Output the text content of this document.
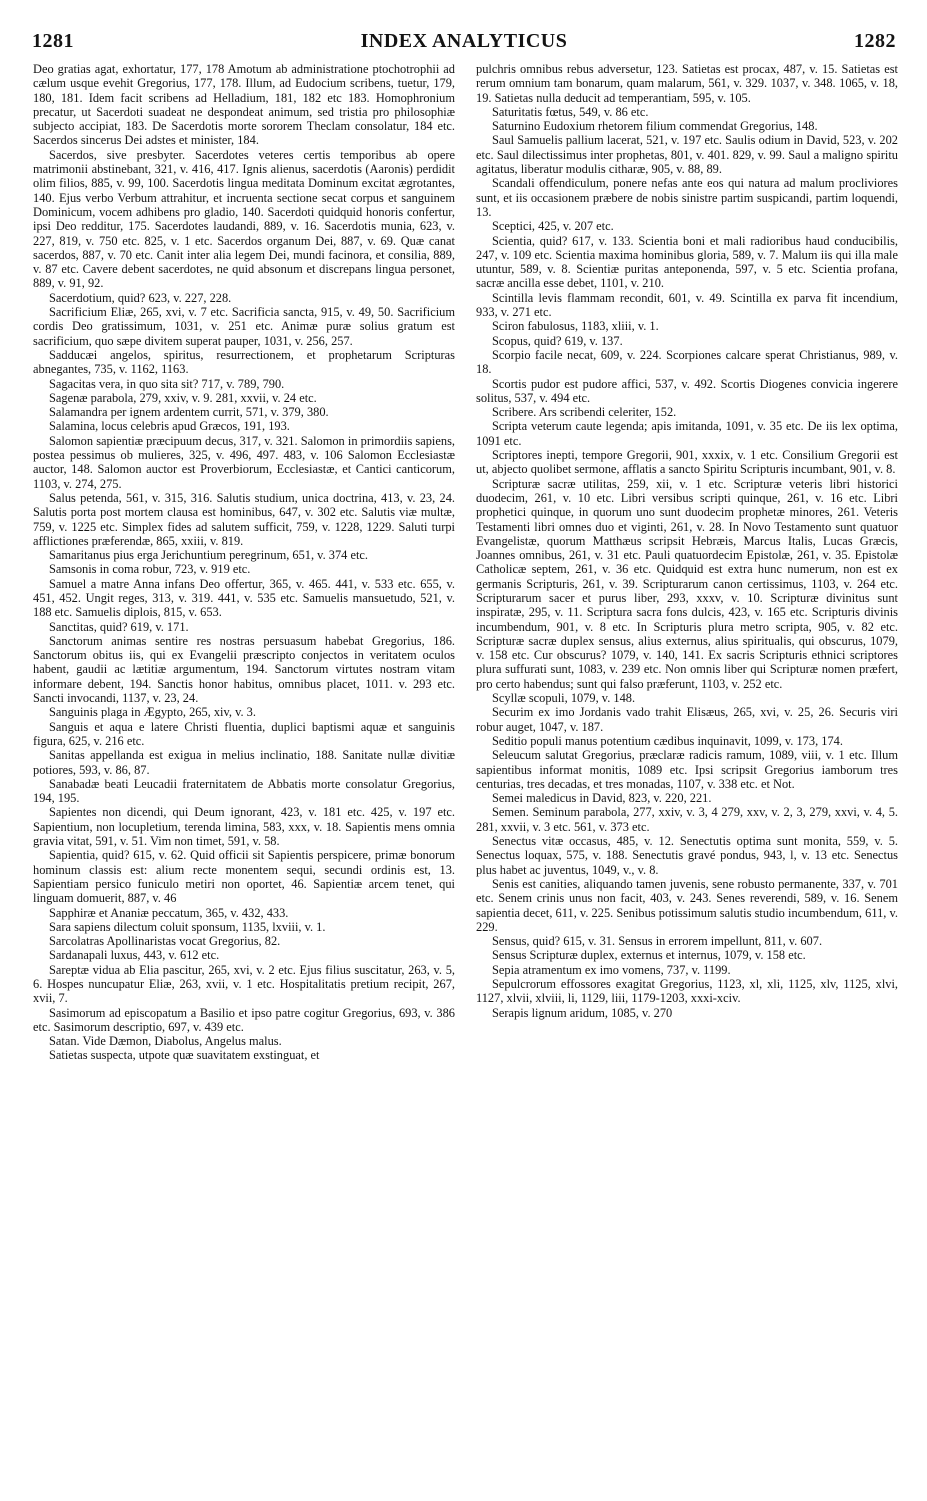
1281	INDEX ANALYTICUS	1282

Deo gratias agat, exhortatur, 177, 178 Amotum ab administratione ptochotrophii ad cælum usque evehit Gregorius, 177, 178. Illum, ad Eudocium scribens, tuetur, 179, 180, 181. Idem facit scribens ad Helladium, 181, 182 etc 183. Homophronium precatur, ut Sacerdoti suadeat ne despondeat animum, sed tristia pro philosophiæ subjecto accipiat, 183. De Sacerdotis morte sororem Theclam consolatur, 184 etc. Sacerdos sincerus Dei adstes et minister, 184.

Sacerdos, sive presbyter. Sacerdotes veteres certis temporibus ab opere matrimonii abstinebant, 321, v. 416, 417. Ignis alienus, sacerdotis (Aaronis) perdidit olim filios, 885, v. 99, 100. Sacerdotis lingua meditata Dominum excitat ægrotantes, 140. Ejus verbo Verbum attrahitur, et incruenta sectione secat corpus et sanguinem Dominicum, vocem adhibens pro gladio, 140. Sacerdoti quidquid honoris confertur, ipsi Deo redditur, 175. Sacerdotes laudandi, 889, v. 16. Sacerdotis munia, 623, v. 227, 819, v. 750 etc. 825, v. 1 etc. Sacerdos organum Dei, 887, v. 69. Quæ canat sacerdos, 887, v. 70 etc. Canit inter alia legem Dei, mundi facinora, et consilia, 889, v. 87 etc. Cavere debent sacerdotes, ne quid absonum et discrepans lingua personet, 889, v. 91, 92.

Sacerdotium, quid? 623, v. 227, 228.

Sacrificium Eliæ, 265, xvi, v. 7 etc. Sacrificia sancta, 915, v. 49, 50. Sacrificium cordis Deo gratissimum, 1031, v. 251 etc. Animæ puræ solius gratum est sacrificium, quo sæpe divitem superat pauper, 1031, v. 256, 257.

Sadducæi angelos, spiritus, resurrectionem, et prophetarum Scripturas abnegantes, 735, v. 1162, 1163.

Sagacitas vera, in quo sita sit? 717, v. 789, 790.

Sagenæ parabola, 279, xxiv, v. 9. 281, xxvii, v. 24 etc.

Salamandra per ignem ardentem currit, 571, v. 379, 380.

Salamina, locus celebris apud Græcos, 191, 193.

Salomon sapientiæ præcipuum decus, 317, v. 321. Salomon in primordiis sapiens, postea pessimus ob mulieres, 325, v. 496, 497. 483, v. 106 Salomon Ecclesiastæ auctor, 148. Salomon auctor est Proverbiorum, Ecclesiastæ, et Cantici canticorum, 1103, v. 274, 275.

Salus petenda, 561, v. 315, 316. Salutis studium, unica doctrina, 413, v. 23, 24. Salutis porta post mortem clausa est hominibus, 647, v. 302 etc. Salutis viæ multæ, 759, v. 1225 etc. Simplex fides ad salutem sufficit, 759, v. 1228, 1229. Saluti turpi afflictiones præferendæ, 865, xxiii, v. 819.

Samaritanus pius erga Jerichuntium peregrinum, 651, v. 374 etc.

Samsonis in coma robur, 723, v. 919 etc.

Samuel a matre Anna infans Deo offertur, 365, v. 465. 441, v. 533 etc. 655, v. 451, 452. Ungit reges, 313, v. 319. 441, v. 535 etc. Samuelis mansuetudo, 521, v. 188 etc. Samuelis diplois, 815, v. 653.

Sanctitas, quid? 619, v. 171.

Sanctorum animas sentire res nostras persuasum habebat Gregorius, 186. Sanctorum obitus iis, qui ex Evangelii præscripto conjectos in veritatem oculos habent, gaudii ac lætitiæ argumentum, 194. Sanctorum virtutes nostram vitam informare debent, 194. Sanctis honor habitus, omnibus placet, 1011. v. 293 etc. Sancti invocandi, 1137, v. 23, 24.

Sanguinis plaga in Ægypto, 265, xiv, v. 3.

Sanguis et aqua e latere Christi fluentia, duplici baptismi aquæ et sanguinis figura, 625, v. 216 etc.

Sanitas appellanda est exigua in melius inclinatio, 188. Sanitate nullæ divitiæ potiores, 593, v. 86, 87.

Sanabadæ beati Leucadii fraternitatem de Abbatis morte consolatur Gregorius, 194, 195.

Sapientes non dicendi, qui Deum ignorant, 423, v. 181 etc. 425, v. 197 etc. Sapientium, non locupletium, terenda limina, 583, xxx, v. 18. Sapientis mens omnia gravia vitat, 591, v. 51. Vim non timet, 591, v. 58.

Sapientia, quid? 615, v. 62. Quid officii sit Sapientis perspicere, primæ bonorum hominum classis est: alium recte monentem sequi, secundi ordinis est, 13. Sapientiam persico funiculo metiri non oportet, 46. Sapientiæ arcem tenet, qui linguam domuerit, 887, v. 46

Sapphiræ et Ananiæ peccatum, 365, v. 432, 433.

Sara sapiens dilectum coluit sponsum, 1135, lxviii, v. 1.

Sarcolatras Apollinaristas vocat Gregorius, 82.

Sardanapali luxus, 443, v. 612 etc.

Sareptæ vidua ab Elia pascitur, 265, xvi, v. 2 etc. Ejus filius suscitatur, 263, v. 5, 6. Hospes nuncupatur Eliæ, 263, xvii, v. 1 etc. Hospitalitatis pretium recipit, 267, xvii, 7.

Sasimorum ad episcopatum a Basilio et ipso patre cogitur Gregorius, 693, v. 386 etc. Sasimorum descriptio, 697, v. 439 etc.

Satan. Vide Dæmon, Diabolus, Angelus malus.

Satietas suspecta, utpote quæ suavitatem exstinguat, et

pulchris omnibus rebus adversetur, 123. Satietas est procax, 487, v. 15. Satietas est rerum omnium tam bonarum, quam malarum, 561, v. 329. 1037, v. 348. 1065, v. 18, 19. Satietas nulla deducit ad temperantiam, 595, v. 105.

Saturitatis fœtus, 549, v. 86 etc.

Saturnino Eudoxium rhetorem filium commendat Gregorius, 148.

Saul Samuelis pallium lacerat, 521, v. 197 etc. Saulis odium in David, 523, v. 202 etc. Saul dilectissimus inter prophetas, 801, v. 401. 829, v. 99. Saul a maligno spiritu agitatus, liberatur modulis citharæ, 905, v. 88, 89.

Scandali offendiculum, ponere nefas ante eos qui natura ad malum procliviores sunt, et iis occasionem præbere de nobis sinistre partim suspicandi, partim loquendi, 13.

Sceptici, 425, v. 207 etc.

Scientia, quid? 617, v. 133. Scientia boni et mali radioribus haud conducibilis, 247, v. 109 etc. Scientia maxima hominibus gloria, 589, v. 7. Malum iis qui illa male utuntur, 589, v. 8. Scientiæ puritas anteponenda, 597, v. 5 etc. Scientia profana, sacræ ancilla esse debet, 1101, v. 210.

Scintilla levis flammam recondit, 601, v. 49. Scintilla ex parva fit incendium, 933, v. 271 etc.

Sciron fabulosus, 1183, xliii, v. 1.

Scopus, quid? 619, v. 137.

Scorpio facile necat, 609, v. 224. Scorpiones calcare sperat Christianus, 989, v. 18.

Scortis pudor est pudore affici, 537, v. 492. Scortis Diogenes convicia ingerere solitus, 537, v. 494 etc.

Scribere. Ars scribendi celeriter, 152.

Scripta veterum caute legenda; apis imitanda, 1091, v. 35 etc. De iis lex optima, 1091 etc.

Scriptores inepti, tempore Gregorii, 901, xxxix, v. 1 etc. Consilium Gregorii est ut, abjecto quolibet sermone, afflatis a sancto Spiritu Scripturis incumbant, 901, v. 8.

Scripturæ sacræ utilitas, 259, xii, v. 1 etc. Scripturæ veteris libri historici duodecim, 261, v. 10 etc. Libri versibus scripti quinque, 261, v. 16 etc. Libri prophetici quinque, in quorum uno sunt duodecim prophetæ minores, 261. Veteris Testamenti libri omnes duo et viginti, 261, v. 28. In Novo Testamento sunt quatuor Evangelistæ, quorum Matthæus scripsit Hebræis, Marcus Italis, Lucas Græcis, Joannes omnibus, 261, v. 31 etc. Pauli quatuordecim Epistolæ, 261, v. 35. Epistolæ Catholicæ septem, 261, v. 36 etc. Quidquid est extra hunc numerum, non est ex germanis Scripturis, 261, v. 39. Scripturarum canon certissimus, 1103, v. 264 etc. Scripturarum sacer et purus liber, 293, xxxv, v. 10. Scripturæ divinitus sunt inspiratæ, 295, v. 11. Scriptura sacra fons dulcis, 423, v. 165 etc. Scripturis divinis incumbendum, 901, v. 8 etc. In Scripturis plura metro scripta, 905, v. 82 etc. Scripturæ sacræ duplex sensus, alius externus, alius spiritualis, qui obscurus, 1079, v. 158 etc. Cur obscurus? 1079, v. 140, 141. Ex sacris Scripturis ethnici scriptores plura suffurati sunt, 1083, v. 239 etc. Non omnis liber qui Scripturæ nomen præfert, pro certo habendus; sunt qui falso præferunt, 1103, v. 252 etc.

Scyllæ scopuli, 1079, v. 148.

Securim ex imo Jordanis vado trahit Elisæus, 265, xvi, v. 25, 26. Securis viri robur auget, 1047, v. 187.

Seditio populi manus potentium cædibus inquinavit, 1099, v. 173, 174.

Seleucum salutat Gregorius, præclaræ radicis ramum, 1089, viii, v. 1 etc. Illum sapientibus informat monitis, 1089 etc. Ipsi scripsit Gregorius iamborum tres centurias, tres decadas, et tres monadas, 1107, v. 338 etc. et Not.

Semei maledicus in David, 823, v. 220, 221.

Semen. Seminum parabola, 277, xxiv, v. 3, 4 279, xxv, v. 2, 3, 279, xxvi, v. 4, 5. 281, xxvii, v. 3 etc. 561, v. 373 etc.

Senectus vitæ occasus, 485, v. 12. Senectutis optima sunt monita, 559, v. 5. Senectus loquax, 575, v. 188. Senectutis gravé pondus, 943, l, v. 13 etc. Senectus plus habet ac juventus, 1049, v., v. 8.

Senis est canities, aliquando tamen juvenis, sene robusto permanente, 337, v. 701 etc. Senem crinis unus non facit, 403, v. 243. Senes reverendi, 589, v. 16. Senem sapientia decet, 611, v. 225. Senibus potissimum salutis studio incumbendum, 611, v. 229.

Sensus, quid? 615, v. 31. Sensus in errorem impellunt, 811, v. 607.

Sensus Scripturæ duplex, externus et internus, 1079, v. 158 etc.

Sepia atramentum ex imo vomens, 737, v. 1199.

Sepulcrorum effossores exagitat Gregorius, 1123, xl, xli, 1125, xlv, 1125, xlvi, 1127, xlvii, xlviii, li, 1129, liii, 1179-1203, xxxi-xciv.

Serapis lignum aridum, 1085, v. 270
